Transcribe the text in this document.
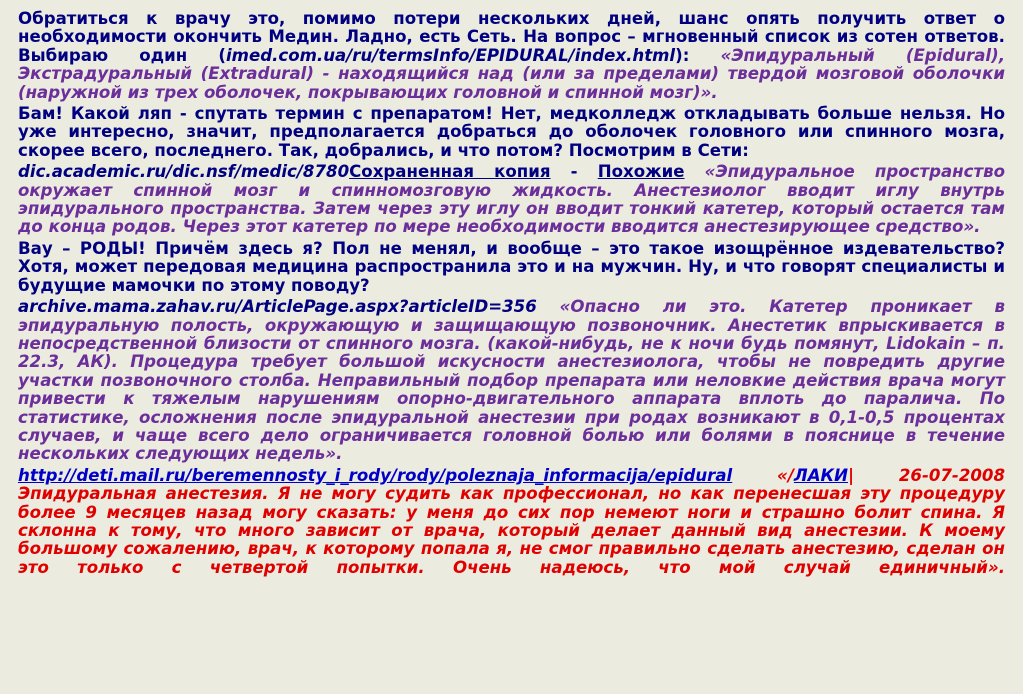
Обратиться к врачу это, помимо потери нескольких дней, шанс опять получить ответ о необходимости окончить Медин. Ладно, есть Сеть. На вопрос – мгновенный список из сотен ответов. Выбираю один (imed.com.ua/ru/termsInfo/EPIDURAL/index.html): «Эпидуральный (Epidural), Экстрадуральный (Extradural) - находящийся над (или за пределами) твердой мозговой оболочки (наружной из трех оболочек, покрывающих головной и спинной мозг)».

Бам! Какой ляп - спутать термин с препаратом! Нет, медколледж откладывать больше нельзя. Но уже интересно, значит, предполагается добраться до оболочек головного или спинного мозга, скорее всего, последнего. Так, добрались, и что потом? Посмотрим в Сети:

dic.academic.ru/dic.nsf/medic/8780Сохраненная копия - Похожие «Эпидуральное пространство окружает спинной мозг и спинномозговую жидкость. Анестезиолог вводит иглу внутрь эпидурального пространства. Затем через эту иглу он вводит тонкий катетер, который остается там до конца родов. Через этот катетер по мере необходимости вводится анестезирующее средство».

Вау – РОДЫ! Причём здесь я? Пол не менял, и вообще – это такое изощрённое издевательство? Хотя, может передовая медицина распространила это и на мужчин. Ну, и что говорят специалисты и будущие мамочки по этому поводу?

archive.mama.zahav.ru/ArticlePage.aspx?articleID=356 «Опасно ли это. Катетер проникает в эпидуральную полость, окружающую и защищающую позвоночник. Анестетик впрыскивается в непосредственной близости от спинного мозга. (какой-нибудь, не к ночи будь помянут, Lidokain – п. 22.3, АК). Процедура требует большой искусности анестезиолога, чтобы не повредить другие участки позвоночного столба. Неправильный подбор препарата или неловкие действия врача могут привести к тяжелым нарушениям опорно-двигательного аппарата вплоть до паралича. По статистике, осложнения после эпидуральной анестезии при родах возникают в 0,1-0,5 процентах случаев, и чаще всего дело ограничивается головной болью или болями в пояснице в течение нескольких следующих недель».

http://deti.mail.ru/beremennosty_i_rody/rody/poleznaja_informacija/epidural «/ЛАКИ| 26-07-2008 Эпидуральная анестезия. Я не могу судить как профессионал, но как перенесшая эту процедуру более 9 месяцев назад могу сказать: у меня до сих пор немеют ноги и страшно болит спина. Я склонна к тому, что много зависит от врача, который делает данный вид анестезии. К моему большому сожалению, врач, к которому попала я, не смог правильно сделать анестезию, сделан он это только с четвертой попытки. Очень надеюсь, что мой случай единичный».
